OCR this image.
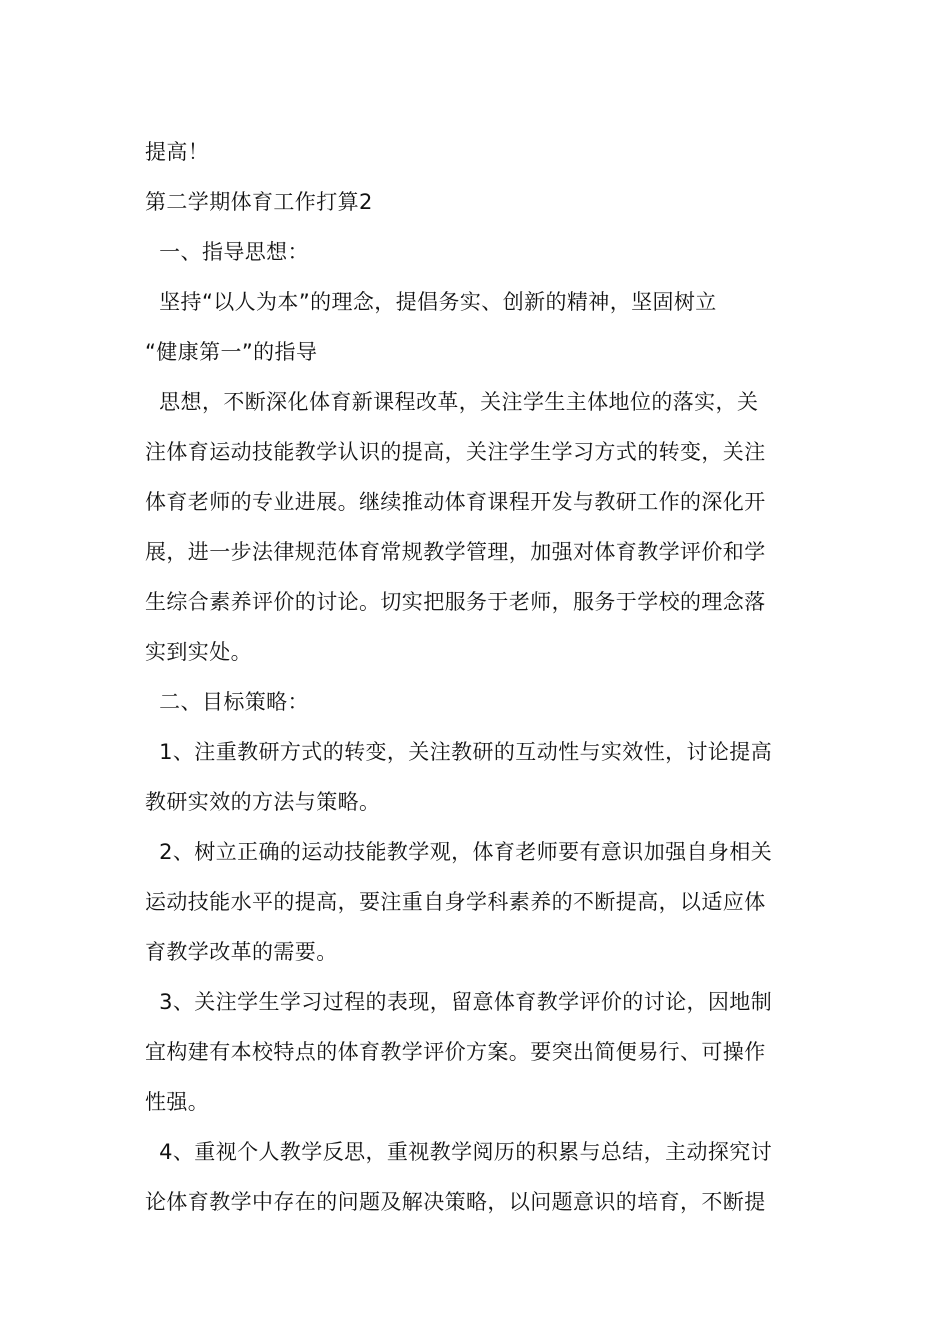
提高！
第二学期体育工作打算2
一、指导思想：
坚持“以人为本”的理念，提倡务实、创新的精神，坚固树立
“健康第一”的指导
思想，不断深化体育新课程改革，关注学生主体地位的落实，关
注体育运动技能教学认识的提高，关注学生学习方式的转变，关注
体育老师的专业进展。继续推动体育课程开发与教研工作的深化开
展，进一步法律规范体育常规教学管理，加强对体育教学评价和学
生综合素养评价的讨论。切实把服务于老师，服务于学校的理念落
实到实处。
二、目标策略：
1、注重教研方式的转变，关注教研的互动性与实效性，讨论提高
教研实效的方法与策略。
2、树立正确的运动技能教学观，体育老师要有意识加强自身相关
运动技能水平的提高，要注重自身学科素养的不断提高，以适应体
育教学改革的需要。
3、关注学生学习过程的表现，留意体育教学评价的讨论，因地制
宜构建有本校特点的体育教学评价方案。要突出简便易行、可操作
性强。
4、重视个人教学反思，重视教学阅历的积累与总结，主动探究讨
论体育教学中存在的问题及解决策略，以问题意识的培育，不断提
